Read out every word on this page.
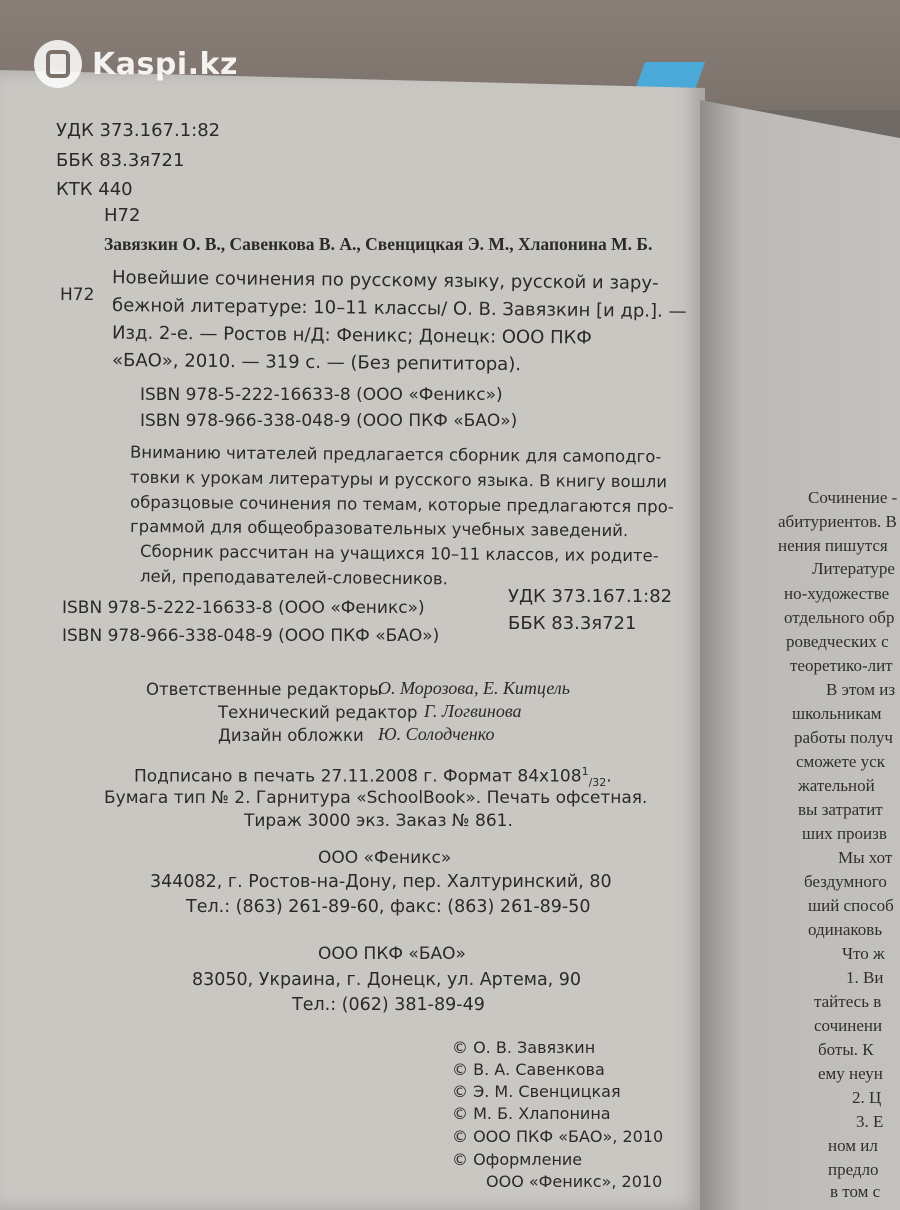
Kaspi.kz
УДК 373.167.1:82
ББК 83.3я721
КТК 440
Н72
Завязкин О. В., Савенкова В. А., Свенцицкая Э. М., Хлапонина М. Б.
Н72
Новейшие сочинения по русскому языку, русской и зару-
бежной литературе: 10–11 классы/ О. В. Завязкин [и др.]. —
Изд. 2-е. — Ростов н/Д: Феникс; Донецк: ООО ПКФ
«БАО», 2010. — 319 с. — (Без репититора).
ISBN 978-5-222-16633-8 (ООО «Феникс»)
ISBN 978-966-338-048-9 (ООО ПКФ «БАО»)
Вниманию читателей предлагается сборник для самоподго-
товки к урокам литературы и русского языка. В книгу вошли
образцовые сочинения по темам, которые предлагаются про-
граммой для общеобразовательных учебных заведений.
Сборник рассчитан на учащихся 10–11 классов, их родите-
лей, преподавателей-словесников.
ISBN 978-5-222-16633-8 (ООО «Феникс»)
ISBN 978-966-338-048-9 (ООО ПКФ «БАО»)
УДК 373.167.1:82
ББК 83.3я721
Ответственные редакторы
О. Морозова, Е. Китцель
Технический редактор Г. Логвинова
Дизайн обложки Ю. Солодченко
Подписано в печать 27.11.2008 г. Формат $84x108^1_{/32}$.
Бумага тип № 2. Гарнитура «SchoolBook». Печать офсетная.
Тираж 3000 экз. Заказ № 861.
ООО «Феникс»
344082, г. Ростов-на-Дону, пер. Халтуринский, 80
Тел.: (863) 261-89-60, факс: (863) 261-89-50
ООО ПКФ «БАО»
83050, Украина, г. Донецк, ул. Артема, 90
Тел.: (062) 381-89-49
© О. В. Завязкин
© В. А. Савенкова
© Э. М. Свенцицкая
© М. Б. Хлапонина
© ООО ПКФ «БАО», 2010
© Оформление
ООО «Феникс», 2010
Сочинение -
абитуриентов. В
нения пишутся
Литературе
но-художестве
отдельного обр
роведческих с
теоретико-лит
В этом из
школьникам
работы получ
сможете уск
жательной
вы затратит
ших произв
Мы хот
бездумного
ший способ
одинаковь
Что ж
1. Ви
тайтесь в
сочинени
боты. К
ему неун
2. Ц
3. Е
ном ил
предло
в том с
